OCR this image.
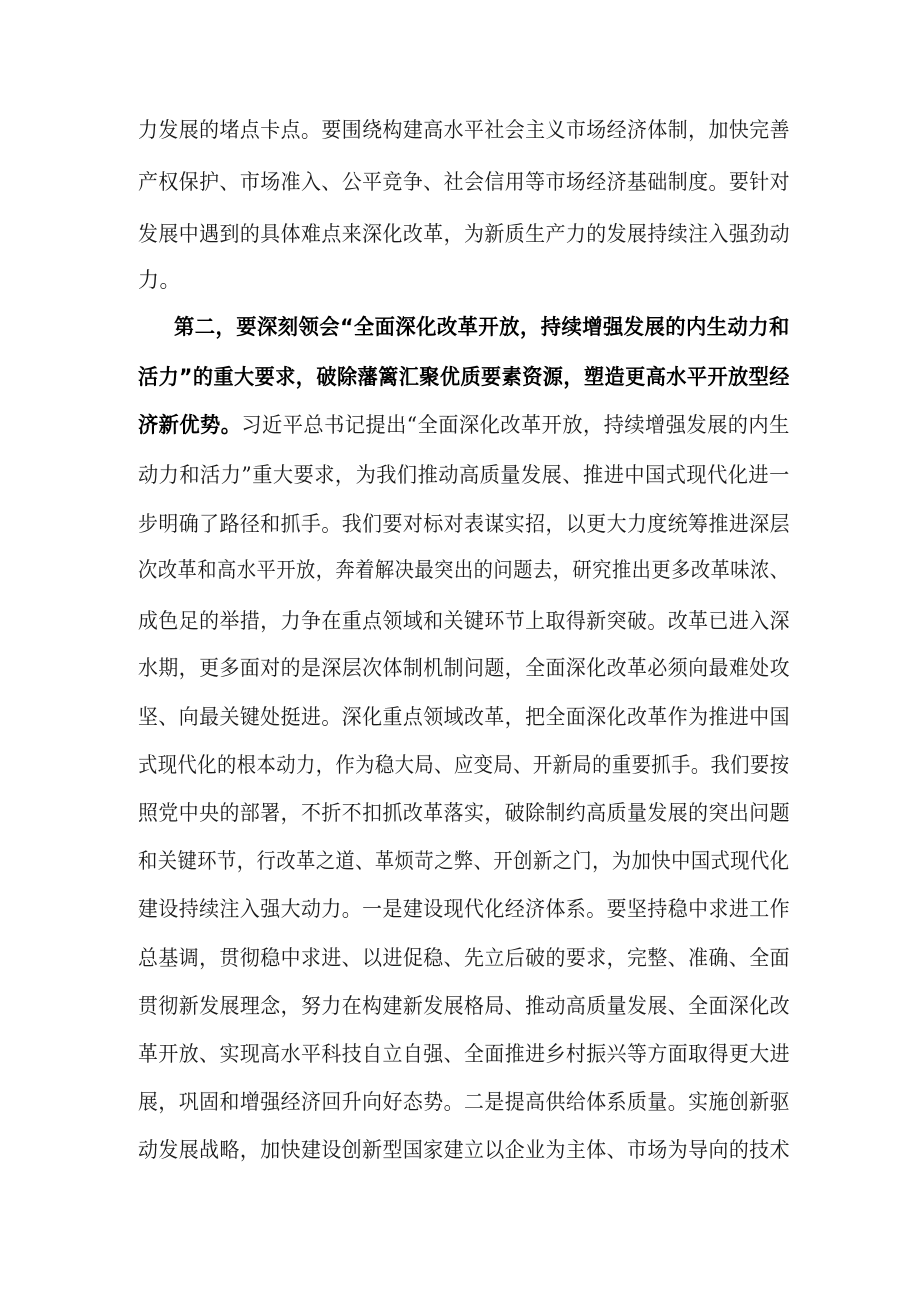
力发展的堵点卡点。要围绕构建高水平社会主义市场经济体制，加快完善
产权保护、市场准入、公平竞争、社会信用等市场经济基础制度。要针对
发展中遇到的具体难点来深化改革，为新质生产力的发展持续注入强劲动
力。
第二，要深刻领会“全面深化改革开放，持续增强发展的内生动力和
活力”的重大要求，破除藩篱汇聚优质要素资源，塑造更高水平开放型经
济新优势。习近平总书记提出“全面深化改革开放，持续增强发展的内生
动力和活力”重大要求，为我们推动高质量发展、推进中国式现代化进一
步明确了路径和抓手。我们要对标对表谋实招，以更大力度统筹推进深层
次改革和高水平开放，奔着解决最突出的问题去，研究推出更多改革味浓、
成色足的举措，力争在重点领域和关键环节上取得新突破。改革已进入深
水期，更多面对的是深层次体制机制问题，全面深化改革必须向最难处攻
坚、向最关键处挺进。深化重点领域改革，把全面深化改革作为推进中国
式现代化的根本动力，作为稳大局、应变局、开新局的重要抓手。我们要按
照党中央的部署，不折不扣抓改革落实，破除制约高质量发展的突出问题
和关键环节，行改革之道、革烦苛之弊、开创新之门，为加快中国式现代化
建设持续注入强大动力。一是建设现代化经济体系。要坚持稳中求进工作
总基调，贯彻稳中求进、以进促稳、先立后破的要求，完整、准确、全面
贯彻新发展理念，努力在构建新发展格局、推动高质量发展、全面深化改
革开放、实现高水平科技自立自强、全面推进乡村振兴等方面取得更大进
展，巩固和增强经济回升向好态势。二是提高供给体系质量。实施创新驱
动发展战略，加快建设创新型国家建立以企业为主体、市场为导向的技术
